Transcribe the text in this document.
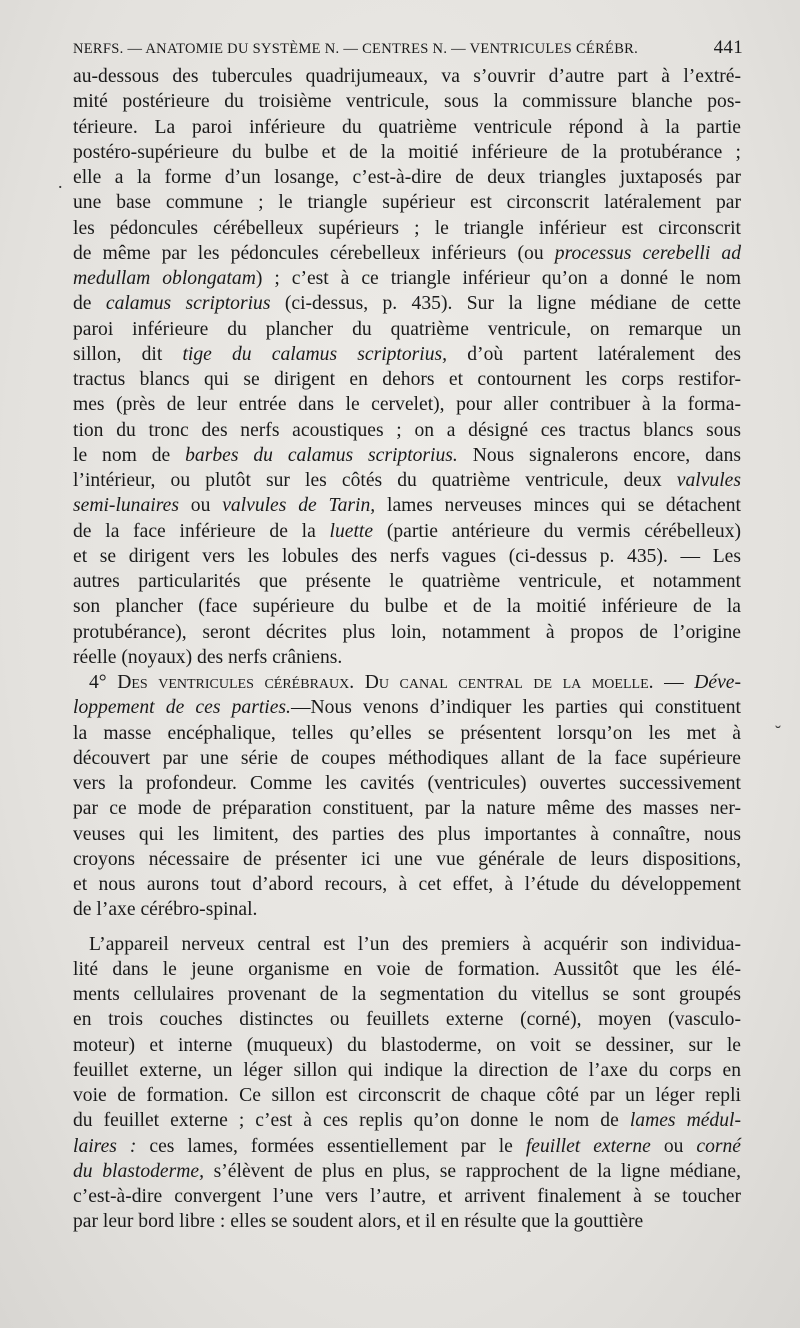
NERFS. — ANATOMIE DU SYSTÈME N. — CENTRES N. — VENTRICULES CÉRÉBR.	441
au-dessous des tubercules quadrijumeaux, va s’ouvrir d’autre part à l’extré-
mité postérieure du troisième ventricule, sous la commissure blanche pos-
térieure. La paroi inférieure du quatrième ventricule répond à la partie
postéro-supérieure du bulbe et de la moitié inférieure de la protubérance ;
elle a la forme d’un losange, c’est-à-dire de deux triangles juxtaposés par
une base commune ; le triangle supérieur est circonscrit latéralement par
les pédoncules cérébelleux supérieurs ; le triangle inférieur est circonscrit
de même par les pédoncules cérebelleux inférieurs (ou processus cerebelli ad
medullam oblongatam) ; c’est à ce triangle inférieur qu’on a donné le nom
de calamus scriptorius (ci-dessus, p. 435). Sur la ligne médiane de cette
paroi inférieure du plancher du quatrième ventricule, on remarque un
sillon, dit tige du calamus scriptorius, d’où partent latéralement des
tractus blancs qui se dirigent en dehors et contournent les corps restifor-
mes (près de leur entrée dans le cervelet), pour aller contribuer à la forma-
tion du tronc des nerfs acoustiques ; on a désigné ces tractus blancs sous
le nom de barbes du calamus scriptorius. Nous signalerons encore, dans
l’intérieur, ou plutôt sur les côtés du quatrième ventricule, deux valvules
semi-lunaires ou valvules de Tarin, lames nerveuses minces qui se détachent
de la face inférieure de la luette (partie antérieure du vermis cérébelleux)
et se dirigent vers les lobules des nerfs vagues (ci-dessus p. 435). — Les
autres particularités que présente le quatrième ventricule, et notamment
son plancher (face supérieure du bulbe et de la moitié inférieure de la
protubérance), seront décrites plus loin, notamment à propos de l’origine
réelle (noyaux) des nerfs crâniens.
4° Des ventricules cérébraux. Du canal central de la moelle. — Déve-
loppement de ces parties.—Nous venons d’indiquer les parties qui constituent
la masse encéphalique, telles qu’elles se présentent lorsqu’on les met à
découvert par une série de coupes méthodiques allant de la face supérieure
vers la profondeur. Comme les cavités (ventricules) ouvertes successivement
par ce mode de préparation constituent, par la nature même des masses ner-
veuses qui les limitent, des parties des plus importantes à connaître, nous
croyons nécessaire de présenter ici une vue générale de leurs dispositions,
et nous aurons tout d’abord recours, à cet effet, à l’étude du développement
de l’axe cérébro-spinal.
L’appareil nerveux central est l’un des premiers à acquérir son individua-
lité dans le jeune organisme en voie de formation. Aussitôt que les élé-
ments cellulaires provenant de la segmentation du vitellus se sont groupés
en trois couches distinctes ou feuillets externe (corné), moyen (vasculo-
moteur) et interne (muqueux) du blastoderme, on voit se dessiner, sur le
feuillet externe, un léger sillon qui indique la direction de l’axe du corps en
voie de formation. Ce sillon est circonscrit de chaque côté par un léger repli
du feuillet externe ; c’est à ces replis qu’on donne le nom de lames médul-
laires : ces lames, formées essentiellement par le feuillet externe ou corné
du blastoderme, s’élèvent de plus en plus, se rapprochent de la ligne médiane,
c’est-à-dire convergent l’une vers l’autre, et arrivent finalement à se toucher
par leur bord libre : elles se soudent alors, et il en résulte que la gouttière
.
˘
